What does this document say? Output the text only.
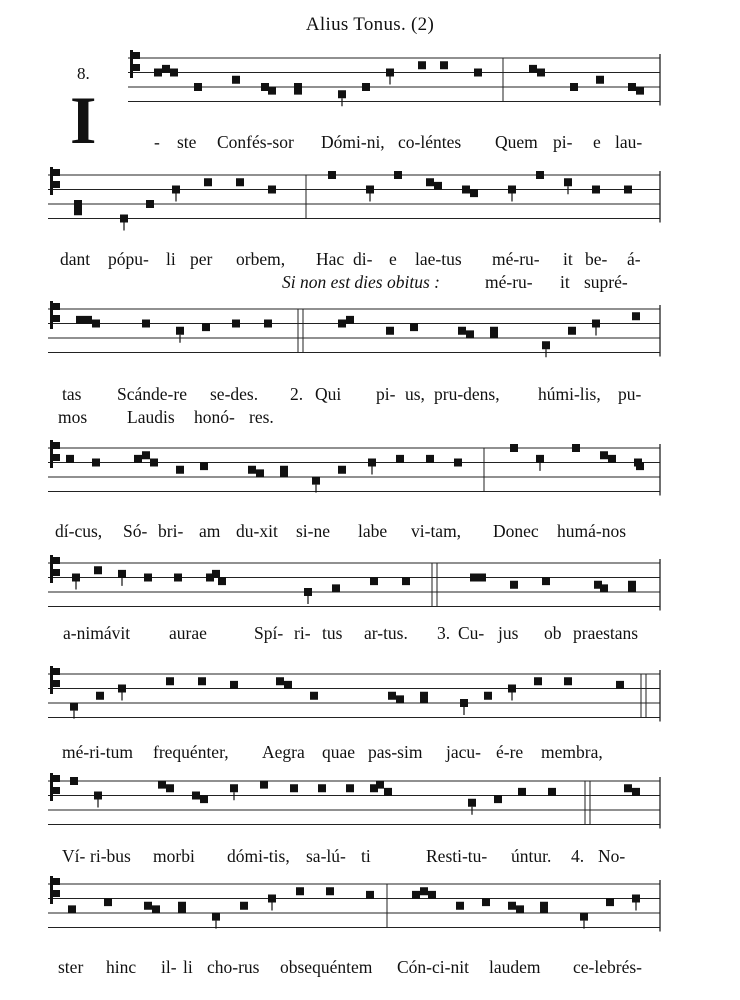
Alius Tonus. (2)
8.
I	- ste Confés-sor Dómi-ni, co-léntes Quem pi- e lau-
dant pópu- li per orbem, Hac di- e lae-tus mé-ru- it be- á-
Si non est dies obitus :	mé-ru- it supré-
tas Scánde-re se-des. 2. Qui pi- us, pru-dens, húmi-lis, pu-
mos Laudis honó- res.
dí-cus, Só- bri- am du-xit si-ne labe vi-tam, Donec humá-nos
a-nimávit aurae	Spí- ri- tus ar-tus. 3. Cu- jus ob praestans
mé-ri-tum frequénter, Aegra quae pas-sim jacu- é-re membra,
Ví- ri-bus morbi dómi-tis, sa-lú- ti	Resti-tu- úntur. 4. No-
ster hinc il- li cho-rus obsequéntem Cón-ci-nit laudem ce-lebrés-
